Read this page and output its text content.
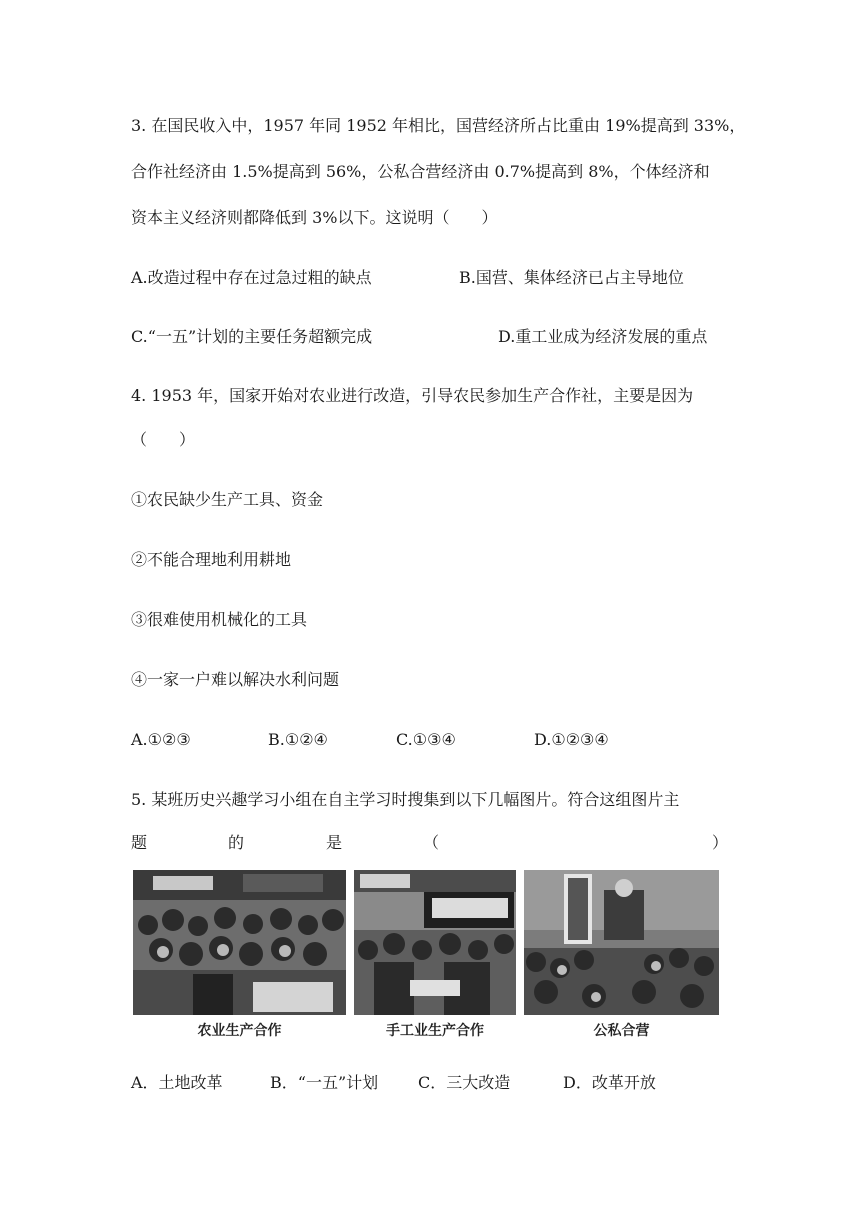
3. 在国民收入中，1957 年同 1952 年相比，国营经济所占比重由 19%提高到 33%，
合作社经济由 1.5%提高到 56%，公私合营经济由 0.7%提高到 8%，个体经济和
资本主义经济则都降低到 3%以下。这说明（　　）
A.改造过程中存在过急过粗的缺点	B.国营、集体经济已占主导地位
C.“一五”计划的主要任务超额完成	D.重工业成为经济发展的重点
4. 1953 年，国家开始对农业进行改造，引导农民参加生产合作社，主要是因为
（　　）
①农民缺少生产工具、资金
②不能合理地利用耕地
③很难使用机械化的工具
④一家一户难以解决水利问题
A.①②③	B.①②④	C.①③④	D.①②③④
5. 某班历史兴趣学习小组在自主学习时搜集到以下几幅图片。符合这组图片主
题	的	是	（	）
农业生产合作	手工业生产合作	公私合营
A．土地改革	B．“一五”计划 C．三大改造	D．改革开放
